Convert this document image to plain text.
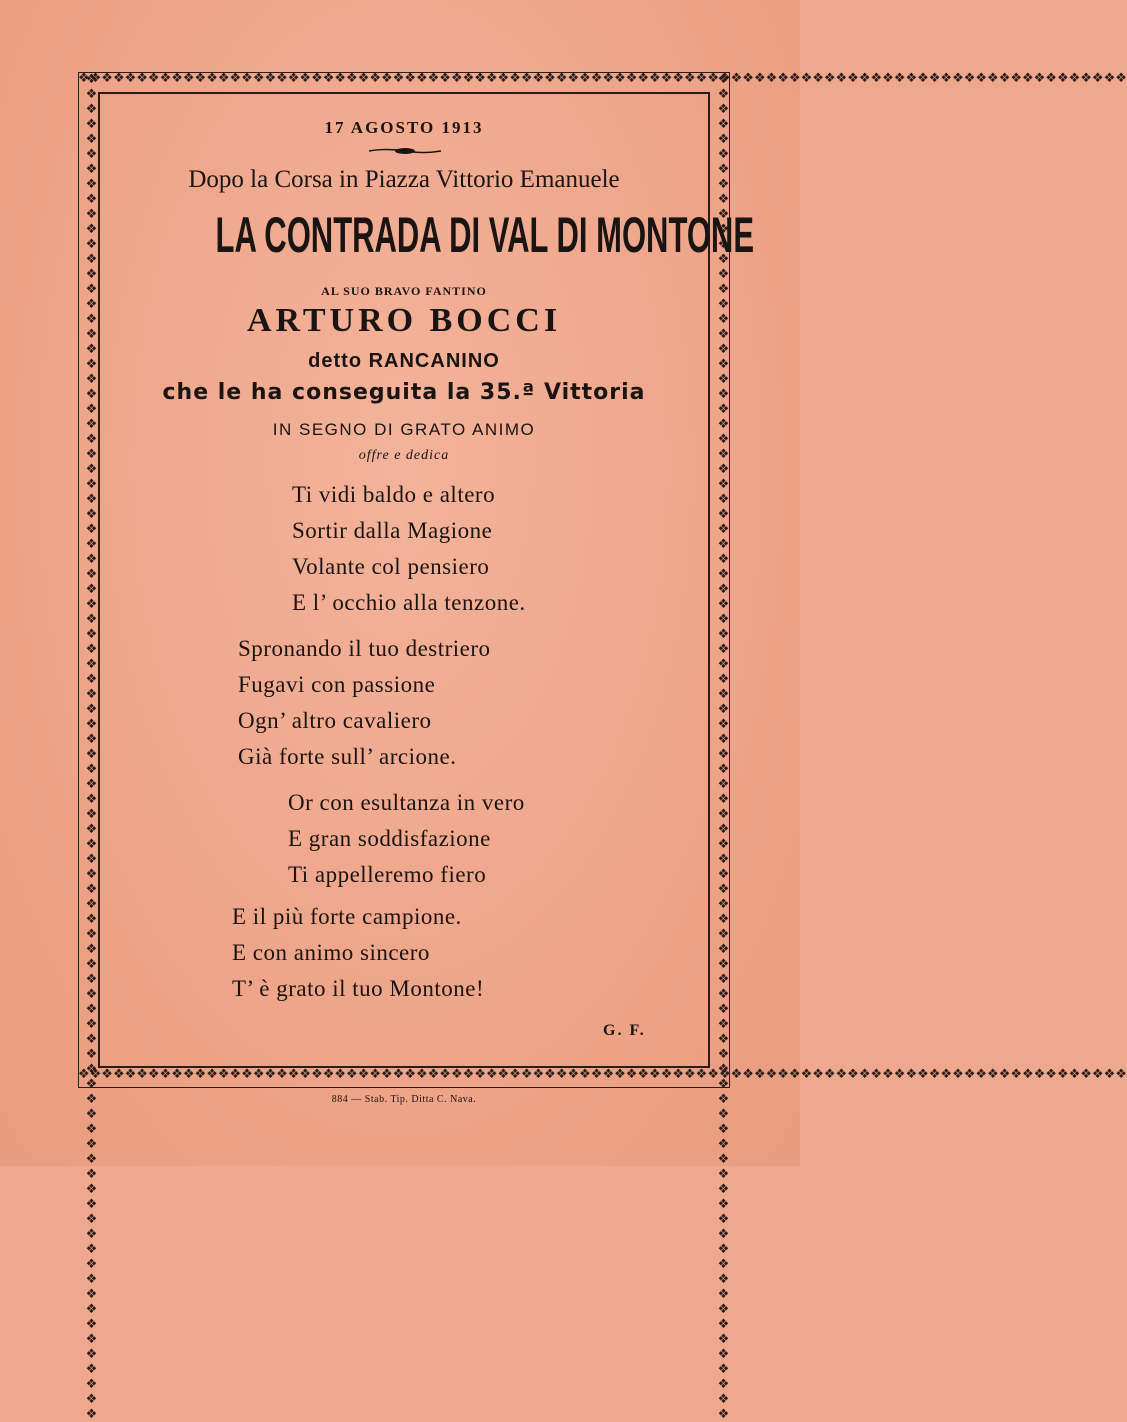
❖❖❖❖❖❖❖❖❖❖❖❖❖❖❖❖❖❖❖❖❖❖❖❖❖❖❖❖❖❖❖❖❖❖❖❖❖❖❖❖❖❖❖❖❖❖❖❖❖❖❖❖❖❖❖❖❖❖❖❖❖❖❖❖❖❖❖❖❖❖❖❖❖❖❖❖❖❖❖❖❖❖❖❖❖❖❖❖❖❖
❖❖❖❖❖❖❖❖❖❖❖❖❖❖❖❖❖❖❖❖❖❖❖❖❖❖❖❖❖❖❖❖❖❖❖❖❖❖❖❖❖❖❖❖❖❖❖❖❖❖❖❖❖❖❖❖❖❖❖❖❖❖❖❖❖❖❖❖❖❖❖❖❖❖❖❖❖❖❖❖❖❖❖❖❖❖❖❖❖❖
❖❖❖❖❖❖❖❖❖❖❖❖❖❖❖❖❖❖❖❖❖❖❖❖❖❖❖❖❖❖❖❖❖❖❖❖❖❖❖❖❖❖❖❖❖❖❖❖❖❖❖❖❖❖❖❖❖❖❖❖❖❖❖❖❖❖❖❖❖❖❖❖❖❖❖❖❖❖❖❖❖❖❖❖❖❖❖❖❖❖	❖❖❖❖❖❖❖❖❖❖❖❖❖❖❖❖❖❖❖❖❖❖❖❖❖❖❖❖❖❖❖❖❖❖❖❖❖❖❖❖❖❖❖❖❖❖❖❖❖❖❖❖❖❖❖❖❖❖❖❖❖❖❖❖❖❖❖❖❖❖❖❖❖❖❖❖❖❖❖❖❖❖❖❖❖❖❖❖❖❖
17 AGOSTO 1913
Dopo la Corsa in Piazza Vittorio Emanuele
LA CONTRADA DI VAL DI MONTONE
AL SUO BRAVO FANTINO
ARTURO BOCCI
detto RANCANINO
che le ha conseguita la 35.ª Vittoria
IN SEGNO DI GRATO ANIMO
offre e dedica
Ti vidi baldo e altero
Sortir dalla Magione
Volante col pensiero
E l’ occhio alla tenzone.
Spronando il tuo destriero
Fugavi con passione
Ogn’ altro cavaliero
Già forte sull’ arcione.
Or con esultanza in vero
E gran soddisfazione
Ti appelleremo fiero
E il più forte campione.
E con animo sincero
T’ è grato il tuo Montone!
G. F.
884 — Stab. Tip. Ditta C. Nava.
